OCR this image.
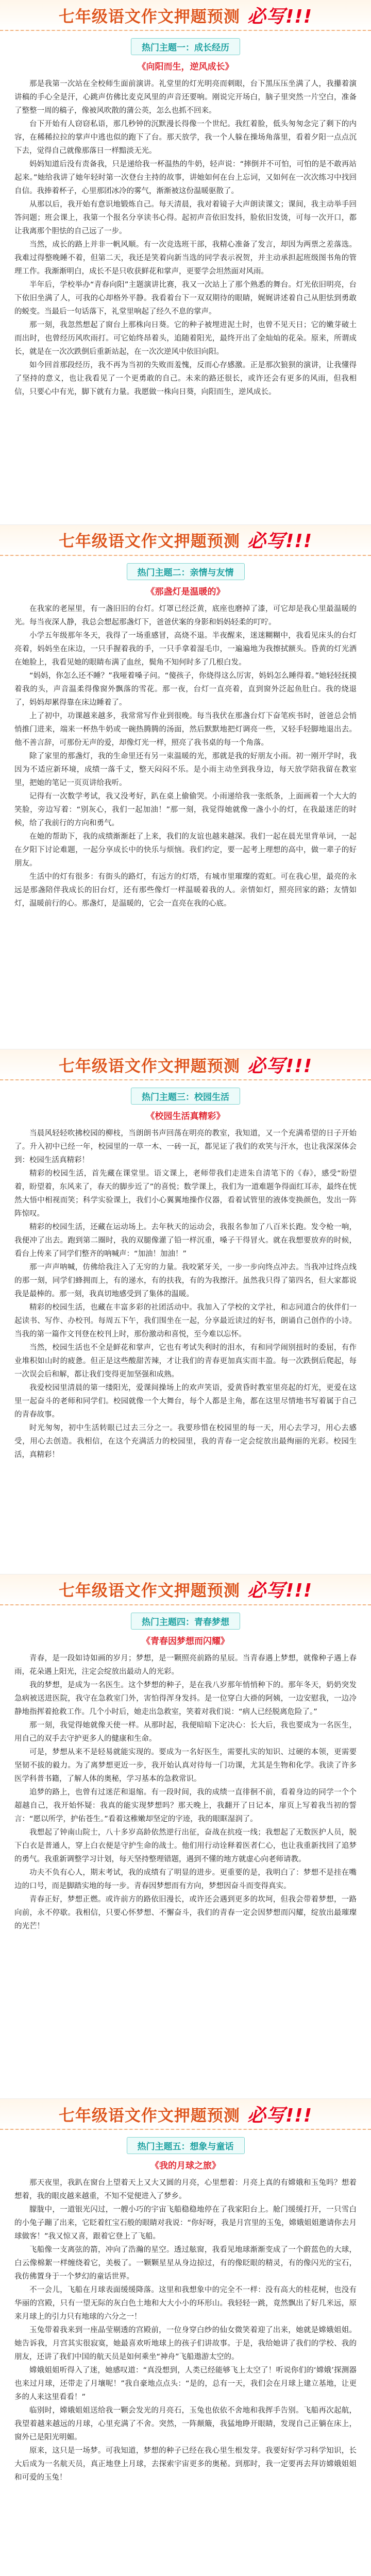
七年级语文作文押题预测 必写!!!
热门主题一：成长经历
《向阳而生，逆风成长》

那是我第一次站在全校师生面前演讲。礼堂里的灯光明亮而刺眼，台下黑压压坐满了人，我攥着演讲稿的手心全是汗，心跳声仿佛比麦克风里的声音还要响。刚说完开场白，脑子里突然一片空白，准备了整整一周的稿子，像被风吹散的蒲公英，怎么也抓不回来。

台下开始有人窃窃私语，那几秒钟的沉默漫长得像一个世纪。我红着脸，低头匆匆念完了剩下的内容，在稀稀拉拉的掌声中逃也似的跑下了台。那天放学，我一个人躲在操场角落里，看着夕阳一点点沉下去，觉得自己就像那落日一样黯淡无光。

妈妈知道后没有责备我，只是递给我一杯温热的牛奶，轻声说：“摔倒并不可怕，可怕的是不敢再站起来。”她给我讲了她年轻时第一次登台主持的故事，讲她如何在台上忘词，又如何在一次次练习中找回自信。我捧着杯子，心里那团冰冷的雾气，渐渐被这份温暖驱散了。

从那以后，我开始有意识地锻炼自己。每天清晨，我对着镜子大声朗读课文；课间，我主动举手回答问题；班会课上，我第一个报名分享读书心得。起初声音依旧发抖，脸依旧发烫，可每一次开口，都让我离那个胆怯的自己远了一步。

当然，成长的路上并非一帆风顺。有一次竞选班干部，我精心准备了发言，却因为两票之差落选。我难过得整晚睡不着，但第二天，我还是笑着向新当选的同学表示祝贺，并主动承担起班级图书角的管理工作。我渐渐明白，成长不是只收获鲜花和掌声，更要学会坦然面对风雨。

半年后，学校举办“青春向阳”主题演讲比赛，我又一次站上了那个熟悉的舞台。灯光依旧明亮，台下依旧坐满了人，可我的心却格外平静。我看着台下一双双期待的眼睛，娓娓讲述着自己从胆怯到勇敢的蜕变。当最后一句话落下，礼堂里响起了经久不息的掌声。

那一刻，我忽然想起了窗台上那株向日葵。它的种子被埋进泥土时，也曾不见天日；它的嫩芽破土而出时，也曾经历风吹雨打。可它始终昂着头，追随着阳光，最终开出了金灿灿的花朵。原来，所谓成长，就是在一次次跌倒后重新站起，在一次次逆风中依旧向阳。

如今回首那段经历，我不再为当初的失败而羞愧，反而心存感激。正是那次狼狈的演讲，让我懂得了坚持的意义，也让我看见了一个更勇敢的自己。未来的路还很长，或许还会有更多的风雨，但我相信，只要心中有光，脚下就有力量。我愿做一株向日葵，向阳而生，逆风成长。

七年级语文作文押题预测 必写!!!
热门主题二：亲情与友情
《那盏灯是温暖的》

在我家的老屋里，有一盏旧旧的台灯。灯罩已经泛黄，底座也磨掉了漆，可它却是我心里最温暖的光。每当夜深人静，我总会想起那盏灯下，爸爸伏案的身影和妈妈轻柔的叮咛。

小学五年级那年冬天，我得了一场重感冒，高烧不退。半夜醒来，迷迷糊糊中，我看见床头的台灯亮着，妈妈坐在床边，一只手握着我的手，一只手拿着湿毛巾，一遍遍地为我擦拭额头。昏黄的灯光洒在她脸上，我看见她的眼睛布满了血丝，鬓角不知何时多了几根白发。

“妈妈，你怎么还不睡？”我哑着嗓子问。“傻孩子，你烧得这么厉害，妈妈怎么睡得着。”她轻轻抚摸着我的头，声音温柔得像窗外飘落的雪花。那一夜，台灯一直亮着，直到窗外泛起鱼肚白。我的烧退了，妈妈却累得靠在床边睡着了。

上了初中，功课越来越多，我常常写作业到很晚。每当我伏在那盏台灯下奋笔疾书时，爸爸总会悄悄推门进来，端来一杯热牛奶或一碗热腾腾的汤面，然后默默地把灯调亮一些，又轻手轻脚地退出去。他不善言辞，可那份无声的爱，却像灯光一样，照亮了我书桌的每一个角落。

除了家里的那盏灯，我的生命里还有另一束温暖的光，那就是我的好朋友小雨。初一刚开学时，我因为不适应新环境，成绩一落千丈，整天闷闷不乐。是小雨主动坐到我身边，每天放学陪我留在教室里，把她的笔记一页页讲给我听。

记得有一次数学考试，我又没考好，趴在桌上偷偷哭。小雨递给我一张纸条，上面画着一个大大的笑脸，旁边写着：“别灰心，我们一起加油！”那一刻，我觉得她就像一盏小小的灯，在我最迷茫的时候，给了我前行的方向和勇气。

在她的帮助下，我的成绩渐渐赶了上来，我们的友谊也越来越深。我们一起在晨光里背单词，一起在夕阳下讨论难题，一起分享成长中的快乐与烦恼。我们约定，要一起考上理想的高中，做一辈子的好朋友。

生活中的灯有很多：有街头的路灯，有远方的灯塔，有城市里璀璨的霓虹。可在我心里，最亮的永远是那盏陪伴我成长的旧台灯，还有那些像灯一样温暖着我的人。亲情如灯，照亮回家的路；友情如灯，温暖前行的心。那盏灯，是温暖的，它会一直亮在我的心底。

七年级语文作文押题预测 必写!!!
热门主题三：校园生活
《校园生活真精彩》

当晨风轻轻吹拂校园的柳枝，当朗朗书声回荡在明亮的教室，我知道，又一个充满希望的日子开始了。升入初中已经一年，校园里的一草一木、一砖一瓦，都见证了我们的欢笑与汗水，也让我深深体会到：校园生活真精彩！

精彩的校园生活，首先藏在课堂里。语文课上，老师带我们走进朱自清笔下的《春》，感受“盼望着，盼望着，东风来了，春天的脚步近了”的喜悦；数学课上，我们为一道难题争得面红耳赤，最终在恍然大悟中相视而笑；科学实验课上，我们小心翼翼地操作仪器，看着试管里的液体变换颜色，发出一阵阵惊叹。

精彩的校园生活，还藏在运动场上。去年秋天的运动会，我报名参加了八百米长跑。发令枪一响，我便冲了出去。跑到第二圈时，我的双腿像灌了铅一样沉重，嗓子干得冒火。就在我想要放弃的时候，看台上传来了同学们整齐的呐喊声：“加油！加油！”

那一声声呐喊，仿佛给我注入了无穷的力量。我咬紧牙关，一步一步向终点冲去。当我冲过终点线的那一刻，同学们蜂拥而上，有的递水，有的扶我，有的为我擦汗。虽然我只得了第四名，但大家都说我是最棒的。那一刻，我真切地感受到了集体的温暖。

精彩的校园生活，也藏在丰富多彩的社团活动中。我加入了学校的文学社，和志同道合的伙伴们一起读书、写作、办校刊。每周五下午，我们围坐在一起，分享最近读过的好书，朗诵自己创作的小诗。当我的第一篇作文刊登在校刊上时，那份激动和喜悦，至今难以忘怀。

当然，校园生活也不全是鲜花和掌声，它也有考试失利时的泪水，有和同学闹别扭时的委屈，有作业堆积如山时的疲惫。但正是这些酸甜苦辣，才让我们的青春更加真实而丰盈。每一次跌倒后爬起，每一次误会后和解，都让我们变得更加坚强和成熟。

我爱校园里清晨的第一缕阳光，爱课间操场上的欢声笑语，爱黄昏时教室里亮起的灯光，更爱在这里一起奋斗的老师和同学们。校园就像一个大舞台，每个人都是主角，都在这里尽情地书写着属于自己的青春故事。

时光匆匆，初中生活转眼已过去三分之一。我要珍惜在校园里的每一天，用心去学习，用心去感受，用心去创造。我相信，在这个充满活力的校园里，我的青春一定会绽放出最绚丽的光彩。校园生活，真精彩！

七年级语文作文押题预测 必写!!!
热门主题四：青春梦想
《青春因梦想而闪耀》

青春，是一段如诗如画的岁月；梦想，是一颗照亮前路的星辰。当青春遇上梦想，就像种子遇上春雨，花朵遇上阳光，注定会绽放出最动人的光彩。

我的梦想，是成为一名医生。这个梦想的种子，是在我八岁那年悄悄种下的。那年冬天，奶奶突发急病被送进医院，我守在急救室门外，害怕得浑身发抖。是一位穿白大褂的阿姨，一边安慰我，一边冷静地指挥着抢救工作。几个小时后，她走出急救室，笑着对我们说：“病人已经脱离危险了。”

那一刻，我觉得她就像天使一样。从那时起，我便暗暗下定决心：长大后，我也要成为一名医生，用自己的双手去守护更多人的健康和生命。

可是，梦想从来不是轻易就能实现的。要成为一名好医生，需要扎实的知识、过硬的本领，更需要坚韧不拔的毅力。为了离梦想更近一步，我开始认真对待每一门功课，尤其是生物和化学。我读了许多医学科普书籍，了解人体的奥秘，学习基本的急救常识。

追梦的路上，也曾有过迷茫和退缩。有一段时间，我的成绩一直徘徊不前，看着身边的同学一个个超越自己，我开始怀疑：我真的能实现梦想吗？那天晚上，我翻开了日记本，扉页上写着我当初的誓言：“愿以所学，护佑苍生。”看着这稚嫩却坚定的字迹，我的眼眶湿润了。

我想起了钟南山院士，八十多岁高龄依然逆行出征，奋战在抗疫一线；我想起了无数医护人员，脱下白衣是普通人，穿上白衣便是守护生命的战士。他们用行动诠释着医者仁心，也让我重新找回了追梦的勇气。我重新调整学习计划，每天坚持整理错题，遇到不懂的地方就虚心向老师请教。

功夫不负有心人，期末考试，我的成绩有了明显的进步。更重要的是，我明白了：梦想不是挂在嘴边的口号，而是脚踏实地的每一步。青春因梦想而有方向，梦想因奋斗而变得真实。

青春正好，梦想正燃。或许前方的路依旧漫长，或许还会遇到更多的坎坷，但我会带着梦想，一路向前，永不停歇。我相信，只要心怀梦想、不懈奋斗，我们的青春一定会因梦想而闪耀，绽放出最璀璨的光芒！

七年级语文作文押题预测 必写!!!
热门主题五：想象与童话
《我的月球之旅》

那天夜里，我趴在窗台上望着天上又大又圆的月亮，心里想着：月亮上真的有嫦娥和玉兔吗？想着想着，我的眼皮越来越重，不知不觉便进入了梦乡。

朦胧中，一道银光闪过，一艘小巧的宇宙飞船稳稳地停在了我家阳台上。舱门缓缓打开，一只雪白的小兔子蹦了出来，它眨着红宝石般的眼睛对我说：“你好呀，我是月宫里的玉兔，嫦娥姐姐邀请你去月球做客！”我又惊又喜，跟着它登上了飞船。

飞船像一支离弦的箭，冲向了浩瀚的星空。透过舷窗，我看见地球渐渐变成了一个蔚蓝色的大球，白云像棉絮一样缠绕着它，美极了。一颗颗星星从身边掠过，有的像眨眼的精灵，有的像闪光的宝石，我仿佛置身于一个梦幻的童话世界。

不一会儿，飞船在月球表面缓缓降落。这里和我想象中的完全不一样：没有高大的桂花树，也没有华丽的宫殿，只有一望无际的灰白色土地和大大小小的环形山。我轻轻一跳，竟然飘出了好几米远，原来月球上的引力只有地球的六分之一！

玉兔带着我来到一座晶莹剔透的宫殿前，一位身穿白纱的仙女微笑着迎了出来，她就是嫦娥姐姐。她告诉我，月宫其实很寂寞，她最喜欢听地球上的孩子们讲故事。于是，我给她讲了我们的学校、我的朋友，还讲了我们中国的航天员是如何乘坐“神舟”飞船遨游太空的。

嫦娥姐姐听得入了迷，她感叹道：“真没想到，人类已经能够飞上太空了！听说你们的‘嫦娥’探测器也来过月球，还带走了月壤呢！”我自豪地点点头：“是的，总有一天，我们会在月球上建立基地，让更多的人来这里看看！”

临别时，嫦娥姐姐送给我一颗会发光的月亮石，玉兔也依依不舍地和我挥手告别。飞船再次起航，我望着越来越远的月球，心里充满了不舍。突然，一阵颠簸，我猛地睁开眼睛，发现自己正躺在床上，窗外已是阳光明媚。

原来，这只是一场梦。可我知道，梦想的种子已经在我心里生根发芽。我要好好学习科学知识，长大后成为一名航天员，真正地登上月球，去探索宇宙更多的奥秘。到那时，我一定要再去拜访嫦娥姐姐和可爱的玉兔！
